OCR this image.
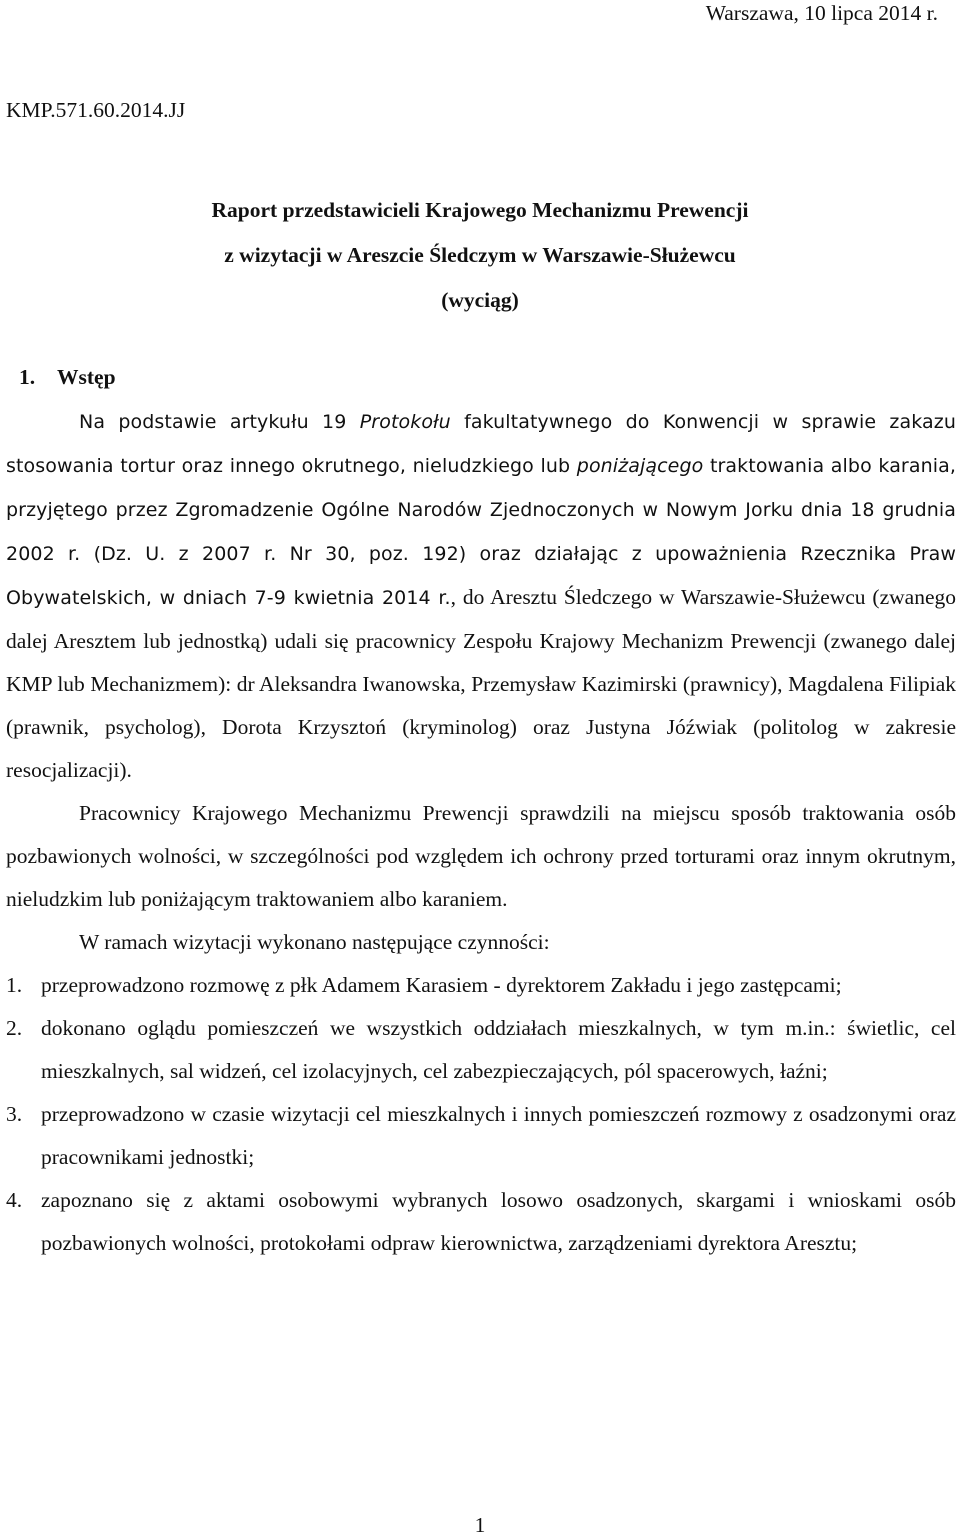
Warszawa, 10 lipca 2014 r.
KMP.571.60.2014.JJ
Raport przedstawicieli Krajowego Mechanizmu Prewencji
z wizytacji w Areszcie Śledczym w Warszawie-Służewcu
(wyciąg)
1. Wstęp

Na podstawie artykułu 19 Protokołu fakultatywnego do Konwencji w sprawie zakazu stosowania tortur oraz innego okrutnego, nieludzkiego lub poniżającego traktowania albo karania, przyjętego przez Zgromadzenie Ogólne Narodów Zjednoczonych w Nowym Jorku dnia 18 grudnia 2002 r. (Dz. U. z 2007 r. Nr 30, poz. 192) oraz działając z upoważnienia Rzecznika Praw Obywatelskich, w dniach 7-9 kwietnia 2014 r., do Aresztu Śledczego w Warszawie-Służewcu (zwanego dalej Aresztem lub jednostką) udali się pracownicy Zespołu Krajowy Mechanizm Prewencji (zwanego dalej KMP lub Mechanizmem): dr Aleksandra Iwanowska, Przemysław Kazimirski (prawnicy), Magdalena Filipiak (prawnik, psycholog), Dorota Krzysztoń (kryminolog) oraz Justyna Jóźwiak (politolog w zakresie resocjalizacji).

Pracownicy Krajowego Mechanizmu Prewencji sprawdzili na miejscu sposób traktowania osób pozbawionych wolności, w szczególności pod względem ich ochrony przed torturami oraz innym okrutnym, nieludzkim lub poniżającym traktowaniem albo karaniem.

W ramach wizytacji wykonano następujące czynności:

1. przeprowadzono rozmowę z płk Adamem Karasiem - dyrektorem Zakładu i jego zastępcami;
2. dokonano oglądu pomieszczeń we wszystkich oddziałach mieszkalnych, w tym m.in.: świetlic, cel mieszkalnych, sal widzeń, cel izolacyjnych, cel zabezpieczających, pól spacerowych, łaźni;
3. przeprowadzono w czasie wizytacji cel mieszkalnych i innych pomieszczeń rozmowy z osadzonymi oraz pracownikami jednostki;
4. zapoznano się z aktami osobowymi wybranych losowo osadzonych, skargami i wnioskami osób pozbawionych wolności, protokołami odpraw kierownictwa, zarządzeniami dyrektora Aresztu;
1
